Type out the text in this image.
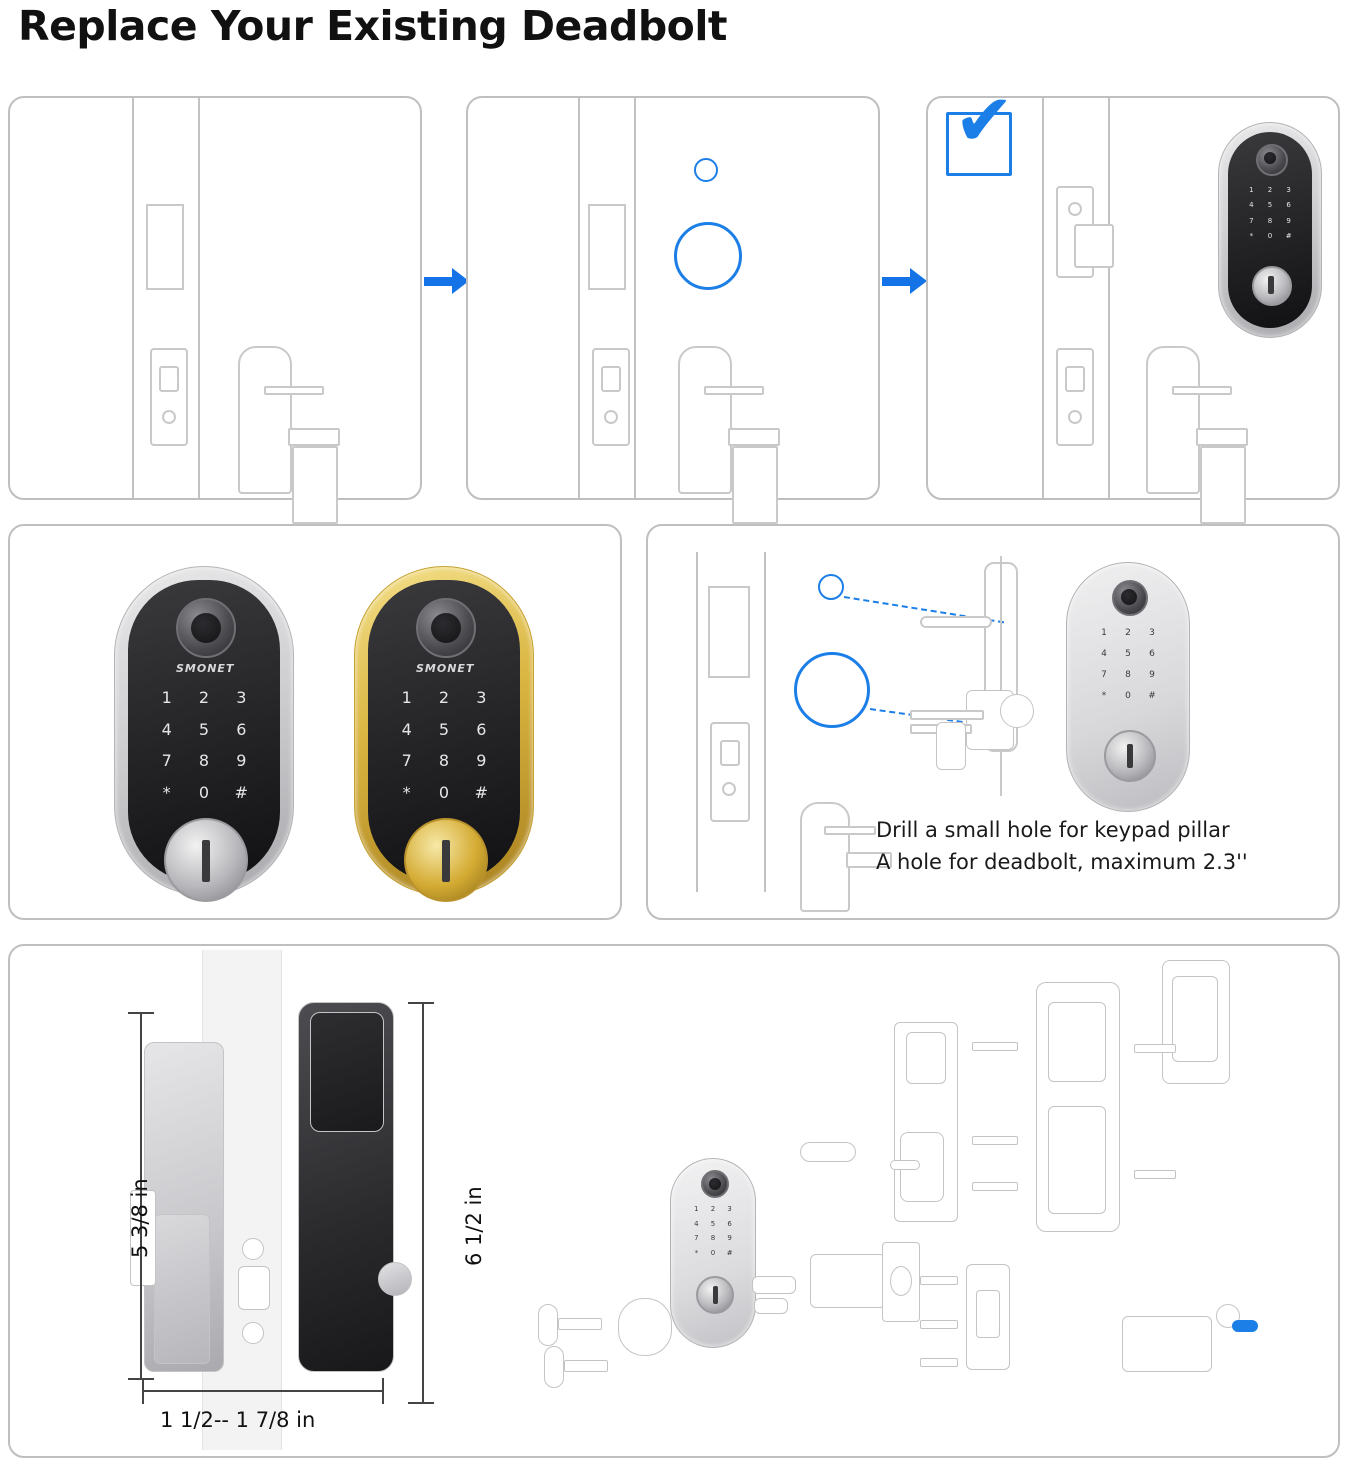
Replace Your Existing Deadbolt
✔
1	2	3
4	5	6
7	8	9
*	0	#
SMONET
1	2	3
4	5	6
7	8	9
*	0	#
SMONET
1	2	3
4	5	6
7	8	9
*	0	#
1	2	3
4	5	6
7	8	9
*	0	#
Drill a small hole for keypad pillar
A hole for deadbolt, maximum 2.3''
5 3/8 in	6 1/2 in
1 1/2-- 1 7/8 in
1	2	3
4	5	6
7	8	9
*	0	#
